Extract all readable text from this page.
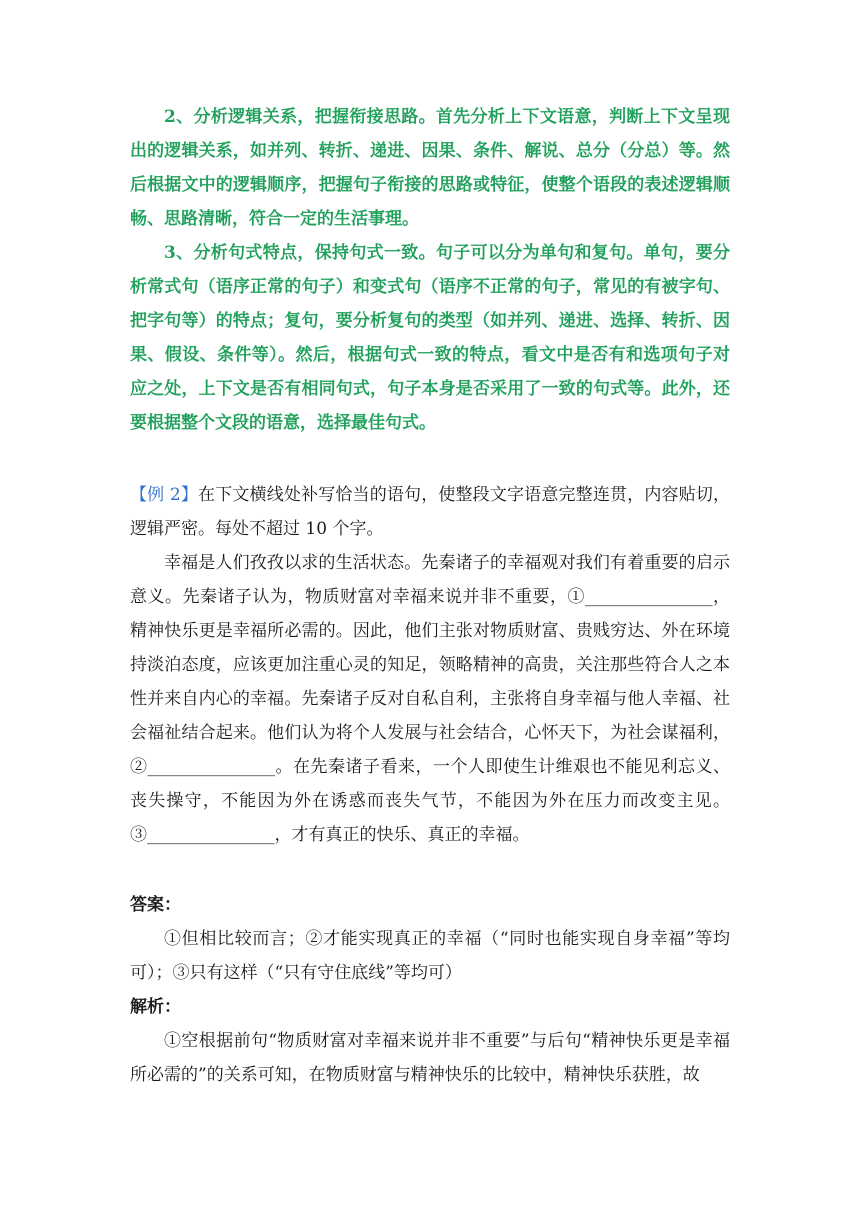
2、分析逻辑关系，把握衔接思路。首先分析上下文语意，判断上下文呈现出的逻辑关系，如并列、转折、递进、因果、条件、解说、总分（分总）等。然后根据文中的逻辑顺序，把握句子衔接的思路或特征，使整个语段的表述逻辑顺畅、思路清晰，符合一定的生活事理。

3、分析句式特点，保持句式一致。句子可以分为单句和复句。单句，要分析常式句（语序正常的句子）和变式句（语序不正常的句子，常见的有被字句、把字句等）的特点；复句，要分析复句的类型（如并列、递进、选择、转折、因果、假设、条件等）。然后，根据句式一致的特点，看文中是否有和选项句子对应之处，上下文是否有相同句式，句子本身是否采用了一致的句式等。此外，还要根据整个文段的语意，选择最佳句式。

【例 2】在下文横线处补写恰当的语句，使整段文字语意完整连贯，内容贴切，逻辑严密。每处不超过 10 个字。

幸福是人们孜孜以求的生活状态。先秦诸子的幸福观对我们有着重要的启示意义。先秦诸子认为，物质财富对幸福来说并非不重要，①_______________，精神快乐更是幸福所必需的。因此，他们主张对物质财富、贵贱穷达、外在环境持淡泊态度，应该更加注重心灵的知足，领略精神的高贵，关注那些符合人之本性并来自内心的幸福。先秦诸子反对自私自利，主张将自身幸福与他人幸福、社会福祉结合起来。他们认为将个人发展与社会结合，心怀天下，为社会谋福利，②_______________。在先秦诸子看来，一个人即使生计维艰也不能见利忘义、丧失操守，不能因为外在诱惑而丧失气节，不能因为外在压力而改变主见。③_______________，才有真正的快乐、真正的幸福。

答案：

①但相比较而言；②才能实现真正的幸福（“同时也能实现自身幸福”等均可）；③只有这样（“只有守住底线”等均可）

解析：

①空根据前句“物质财富对幸福来说并非不重要”与后句“精神快乐更是幸福所必需的”的关系可知，在物质财富与精神快乐的比较中，精神快乐获胜，故
